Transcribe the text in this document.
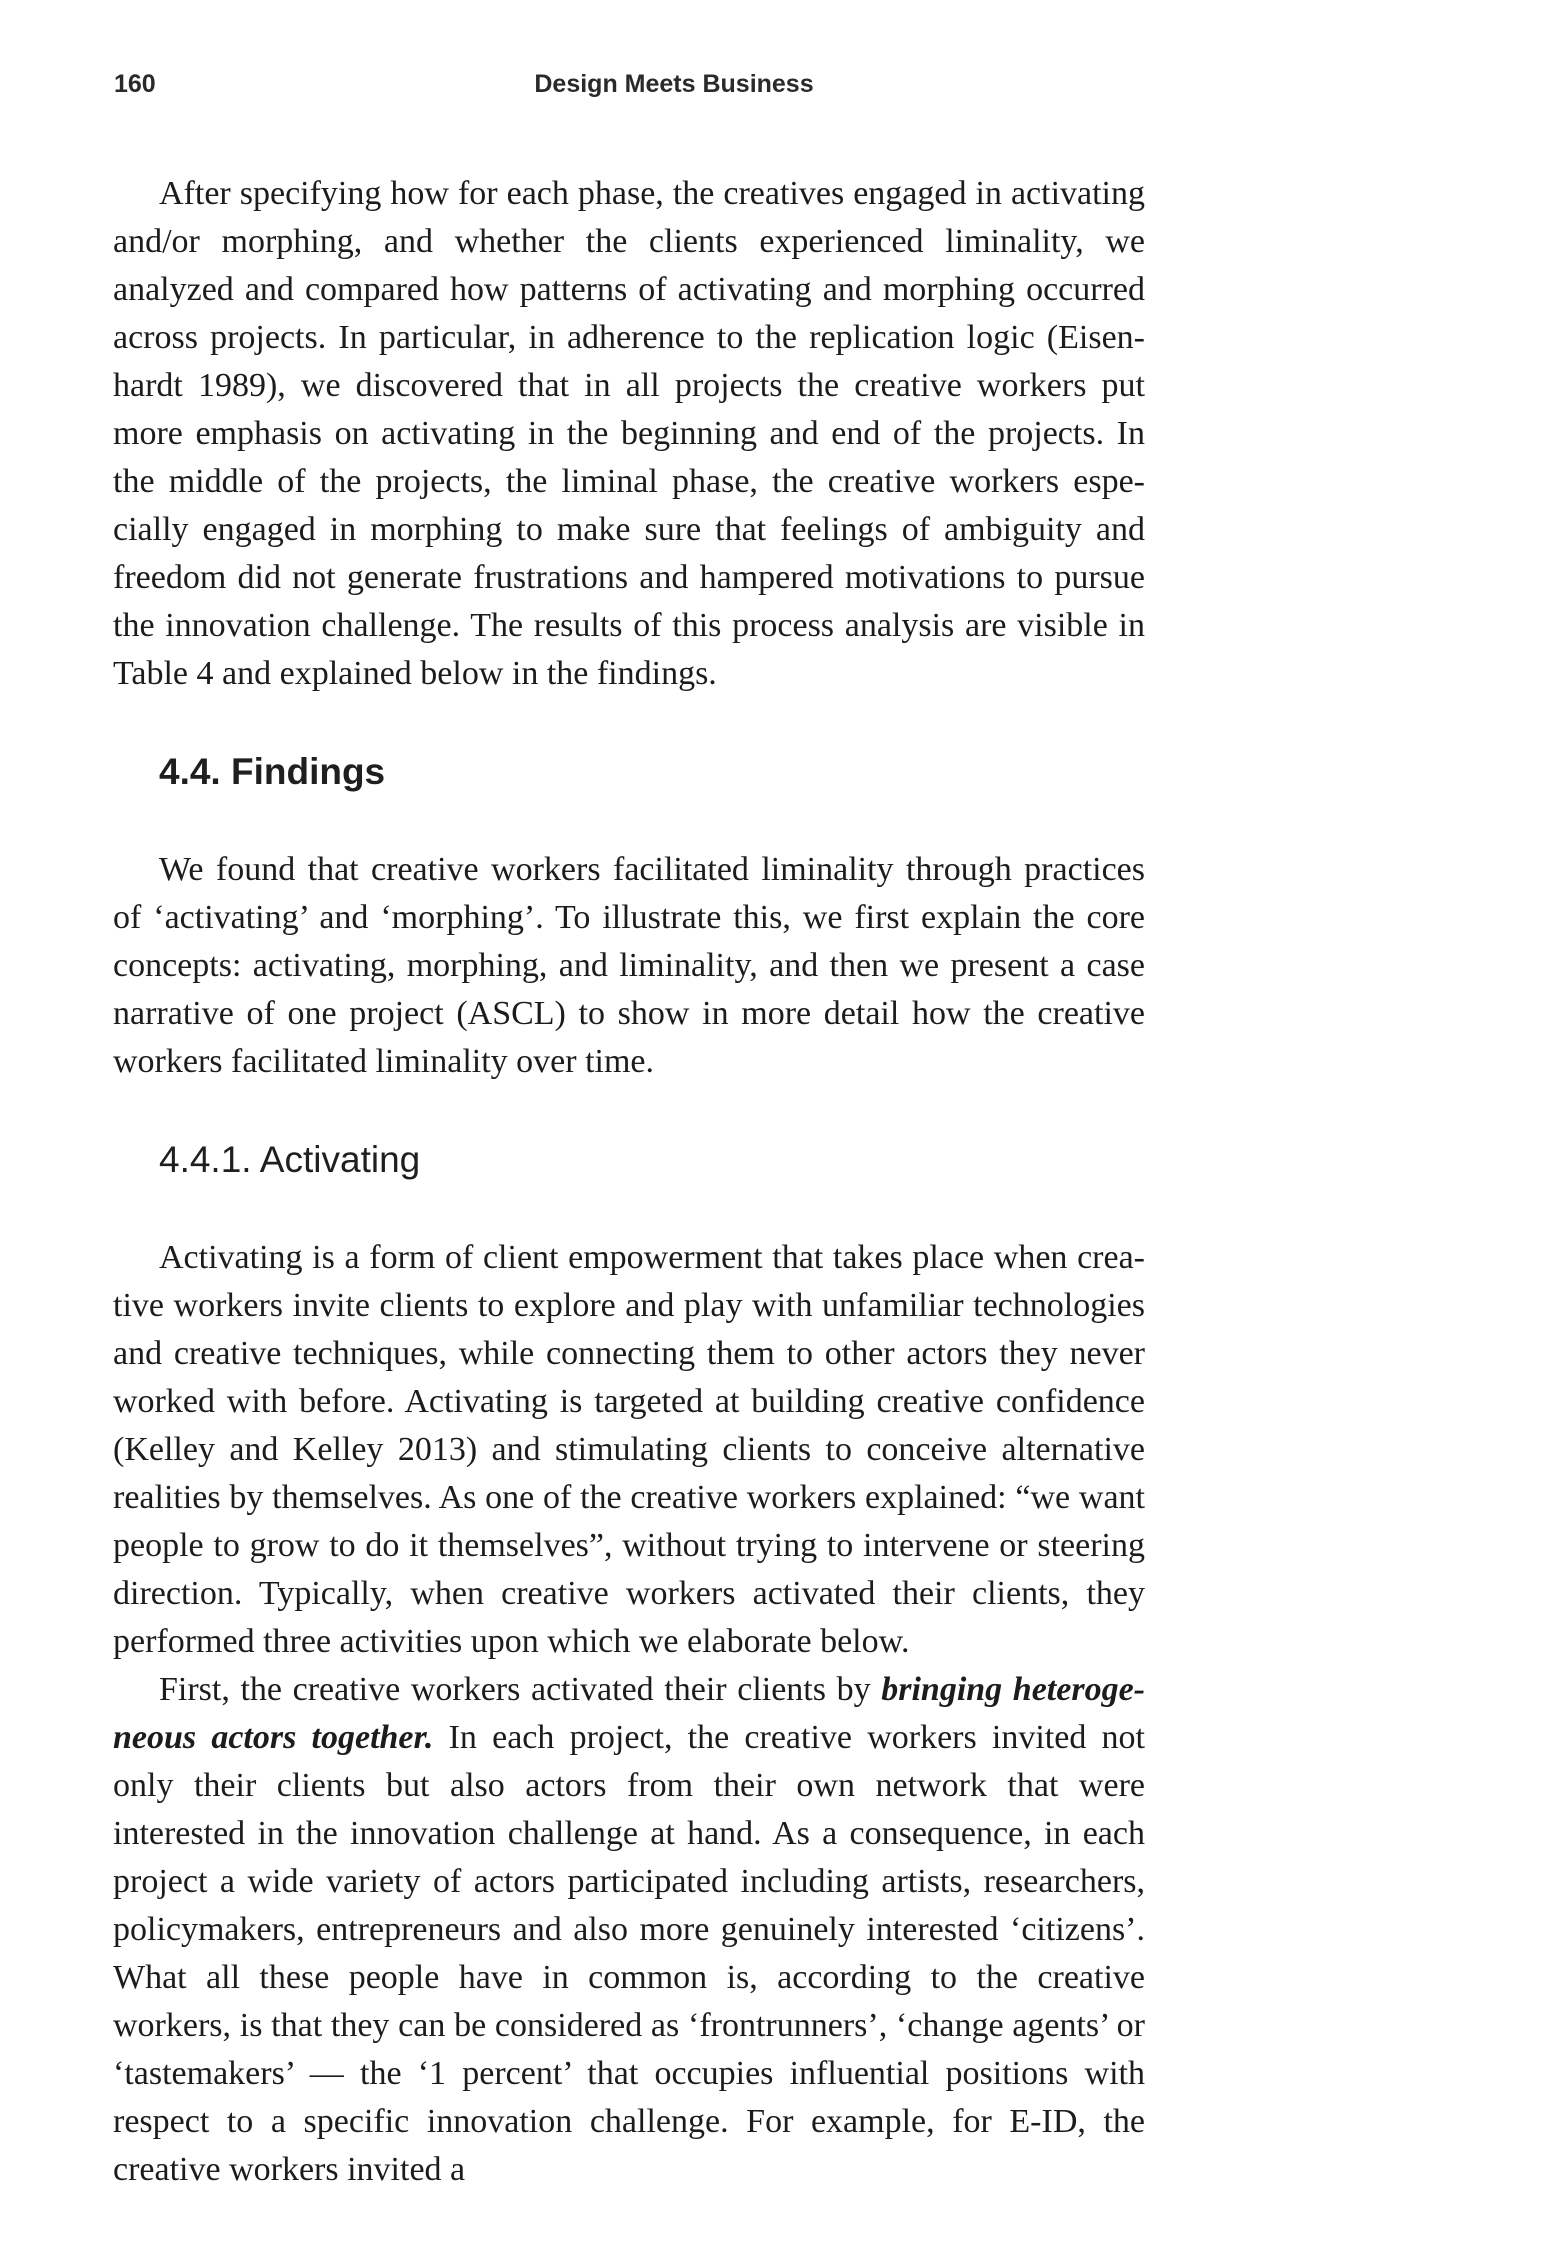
160	Design Meets Business

After specifying how for each phase, the creatives engaged in activating and/or morphing, and whether the clients experienced liminality, we analyzed and compared how patterns of activating and morphing occurred across projects. In particular, in adherence to the replication logic (Eisenhardt 1989), we discovered that in all projects the creative workers put more emphasis on activating in the beginning and end of the projects. In the middle of the projects, the liminal phase, the creative workers especially engaged in morphing to make sure that feelings of ambiguity and freedom did not generate frustrations and hampered motivations to pursue the innovation challenge. The results of this process analysis are visible in Table 4 and explained below in the findings.

4.4. Findings

We found that creative workers facilitated liminality through practices of ‘activating’ and ‘morphing’. To illustrate this, we first explain the core concepts: activating, morphing, and liminality, and then we present a case narrative of one project (ASCL) to show in more detail how the creative workers facilitated liminality over time.

4.4.1. Activating

Activating is a form of client empowerment that takes place when creative workers invite clients to explore and play with unfamiliar technologies and creative techniques, while connecting them to other actors they never worked with before. Activating is targeted at building creative confidence (Kelley and Kelley 2013) and stimulating clients to conceive alternative realities by themselves. As one of the creative workers explained: “we want people to grow to do it themselves”, without trying to intervene or steering direction. Typically, when creative workers activated their clients, they performed three activities upon which we elaborate below.

First, the creative workers activated their clients by bringing heterogeneous actors together. In each project, the creative workers invited not only their clients but also actors from their own network that were interested in the innovation challenge at hand. As a consequence, in each project a wide variety of actors participated including artists, researchers, policymakers, entrepreneurs and also more genuinely interested ‘citizens’. What all these people have in common is, according to the creative workers, is that they can be considered as ‘frontrunners’, ‘change agents’ or ‘tastemakers’ — the ‘1 percent’ that occupies influential positions with respect to a specific innovation challenge. For example, for E-ID, the creative workers invited a
